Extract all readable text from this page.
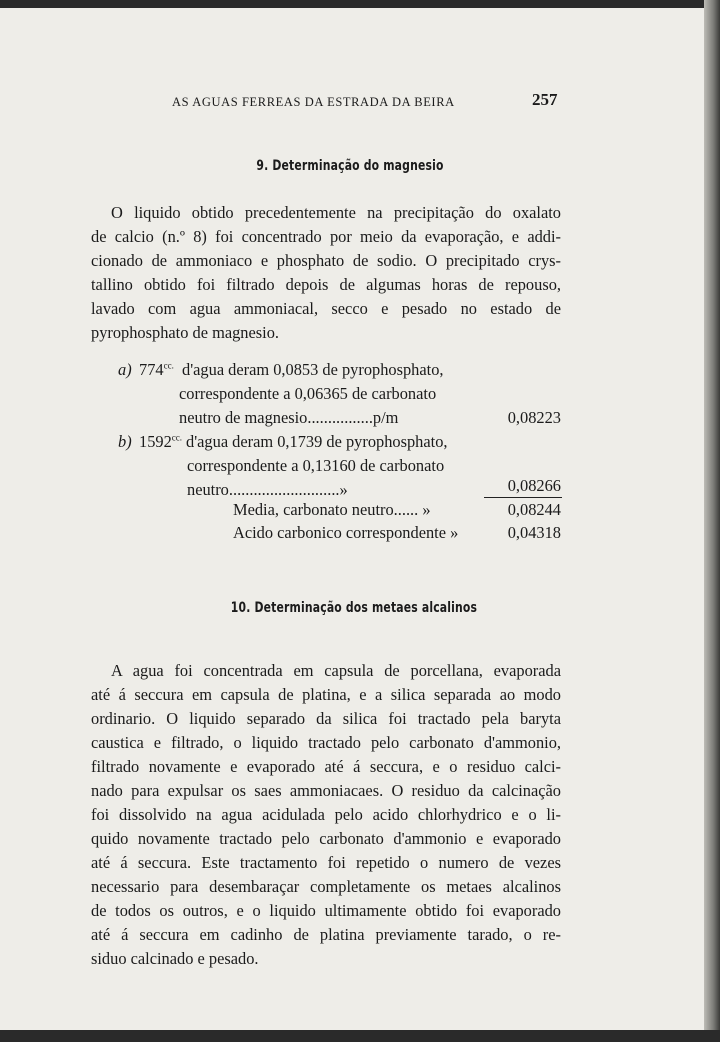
AS AGUAS FERREAS DA ESTRADA DA BEIRA	257
9. Determinação do magnesio
O liquido obtido precedentemente na precipitação do oxalato
de calcio (n.º 8) foi concentrado por meio da evaporação, e addi-
cionado de ammoniaco e phosphato de sodio. O precipitado crys-
tallino obtido foi filtrado depois de algumas horas de repouso,
lavado com agua ammoniacal, secco e pesado no estado de
pyrophosphato de magnesio.
a) $774^{cc.}$ d'agua deram 0,0853 de pyrophosphato,
correspondente a 0,06365 de carbonato
neutro de magnesio................p/m	0,08223
b) $1592^{cc.}$ d'agua deram 0,1739 de pyrophosphato,
correspondente a 0,13160 de carbonato
neutro...........................»	0,08266
Media, carbonato neutro...... »	0,08244
Acido carbonico correspondente »	0,04318
10. Determinação dos metaes alcalinos
A agua foi concentrada em capsula de porcellana, evaporada
até á seccura em capsula de platina, e a silica separada ao modo
ordinario. O liquido separado da silica foi tractado pela baryta
caustica e filtrado, o liquido tractado pelo carbonato d'ammonio,
filtrado novamente e evaporado até á seccura, e o residuo calci-
nado para expulsar os saes ammoniacaes. O residuo da calcinação
foi dissolvido na agua acidulada pelo acido chlorhydrico e o li-
quido novamente tractado pelo carbonato d'ammonio e evaporado
até á seccura. Este tractamento foi repetido o numero de vezes
necessario para desembaraçar completamente os metaes alcalinos
de todos os outros, e o liquido ultimamente obtido foi evaporado
até á seccura em cadinho de platina previamente tarado, o re-
siduo calcinado e pesado.
